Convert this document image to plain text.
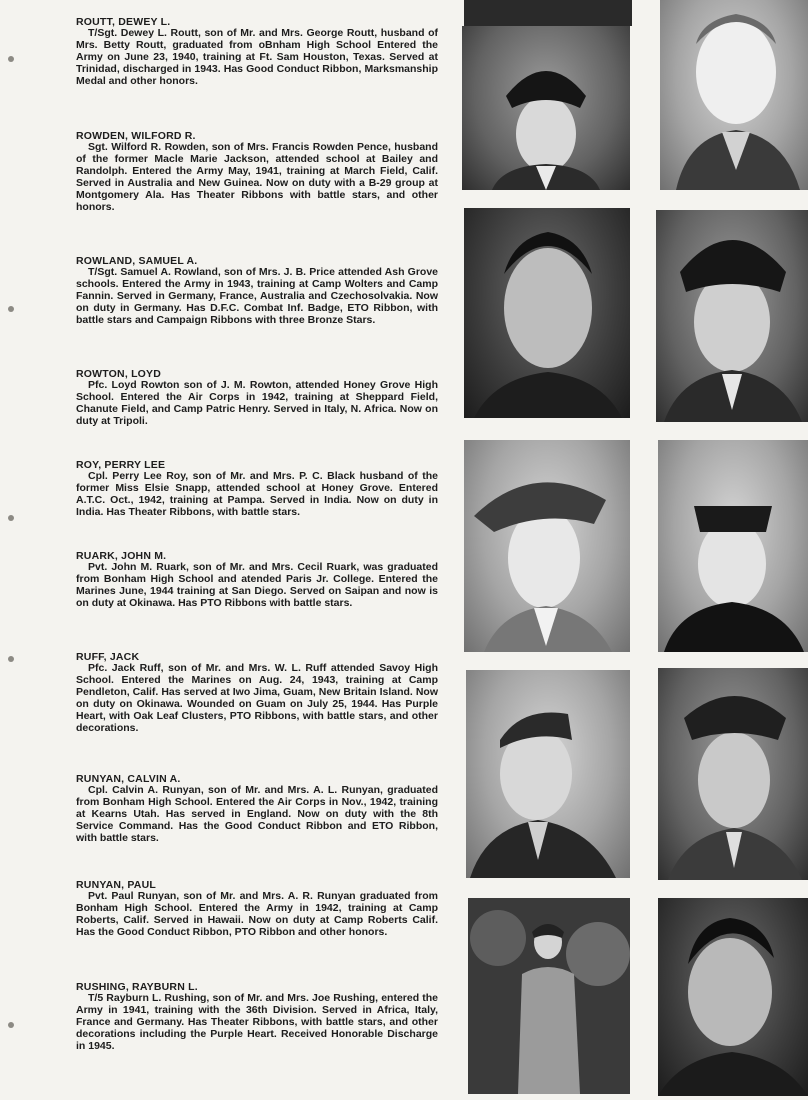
ROUTT, DEWEY L.

T/Sgt. Dewey L. Routt, son of Mr. and Mrs. George Routt, husband of Mrs. Betty Routt, graduated from oBnham High School Entered the Army on June 23, 1940, training at Ft. Sam Houston, Texas. Served at Trinidad, discharged in 1943. Has Good Conduct Ribbon, Marksmanship Medal and other honors.

ROWDEN, WILFORD R.

Sgt. Wilford R. Rowden, son of Mrs. Francis Rowden Pence, husband of the former Macle Marie Jackson, attended school at Bailey and Randolph. Entered the Army May, 1941, training at March Field, Calif. Served in Australia and New Guinea. Now on duty with a B-29 group at Montgomery Ala. Has Theater Ribbons with battle stars, and other honors.

ROWLAND, SAMUEL A.

T/Sgt. Samuel A. Rowland, son of Mrs. J. B. Price attended Ash Grove schools. Entered the Army in 1943, training at Camp Wolters and Camp Fannin. Served in Germany, France, Australia and Czechosolvakia. Now on duty in Germany. Has D.F.C. Combat Inf. Badge, ETO Ribbon, with battle stars and Campaign Ribbons with three Bronze Stars.

ROWTON, LOYD

Pfc. Loyd Rowton son of J. M. Rowton, attended Honey Grove High School. Entered the Air Corps in 1942, training at Sheppard Field, Chanute Field, and Camp Patric Henry. Served in Italy, N. Africa. Now on duty at Tripoli.

ROY, PERRY LEE

Cpl. Perry Lee Roy, son of Mr. and Mrs. P. C. Black husband of the former Miss Elsie Snapp, attended school at Honey Grove. Entered A.T.C. Oct., 1942, training at Pampa. Served in India. Now on duty in India. Has Theater Ribbons, with battle stars.

RUARK, JOHN M.

Pvt. John M. Ruark, son of Mr. and Mrs. Cecil Ruark, was graduated from Bonham High School and atended Paris Jr. College. Entered the Marines June, 1944 training at San Diego. Served on Saipan and now is on duty at Okinawa. Has PTO Ribbons with battle stars.

RUFF, JACK

Pfc. Jack Ruff, son of Mr. and Mrs. W. L. Ruff attended Savoy High School. Entered the Marines on Aug. 24, 1943, training at Camp Pendleton, Calif. Has served at Iwo Jima, Guam, New Britain Island. Now on duty on Okinawa. Wounded on Guam on July 25, 1944. Has Purple Heart, with Oak Leaf Clusters, PTO Ribbons, with battle stars, and other decorations.

RUNYAN, CALVIN A.

Cpl. Calvin A. Runyan, son of Mr. and Mrs. A. L. Runyan, graduated from Bonham High School. Entered the Air Corps in Nov., 1942, training at Kearns Utah. Has served in England. Now on duty with the 8th Service Command. Has the Good Conduct Ribbon and ETO Ribbon, with battle stars.

RUNYAN, PAUL

Pvt. Paul Runyan, son of Mr. and Mrs. A. R. Runyan graduated from Bonham High School. Entered the Army in 1942, training at Camp Roberts, Calif. Served in Hawaii. Now on duty at Camp Roberts Calif. Has the Good Conduct Ribbon, PTO Ribbon and other honors.

RUSHING, RAYBURN L.

T/5 Rayburn L. Rushing, son of Mr. and Mrs. Joe Rushing, entered the Army in 1941, training with the 36th Division. Served in Africa, Italy, France and Germany. Has Theater Ribbons, with battle stars, and other decorations including the Purple Heart. Received Honorable Discharge in 1945.
